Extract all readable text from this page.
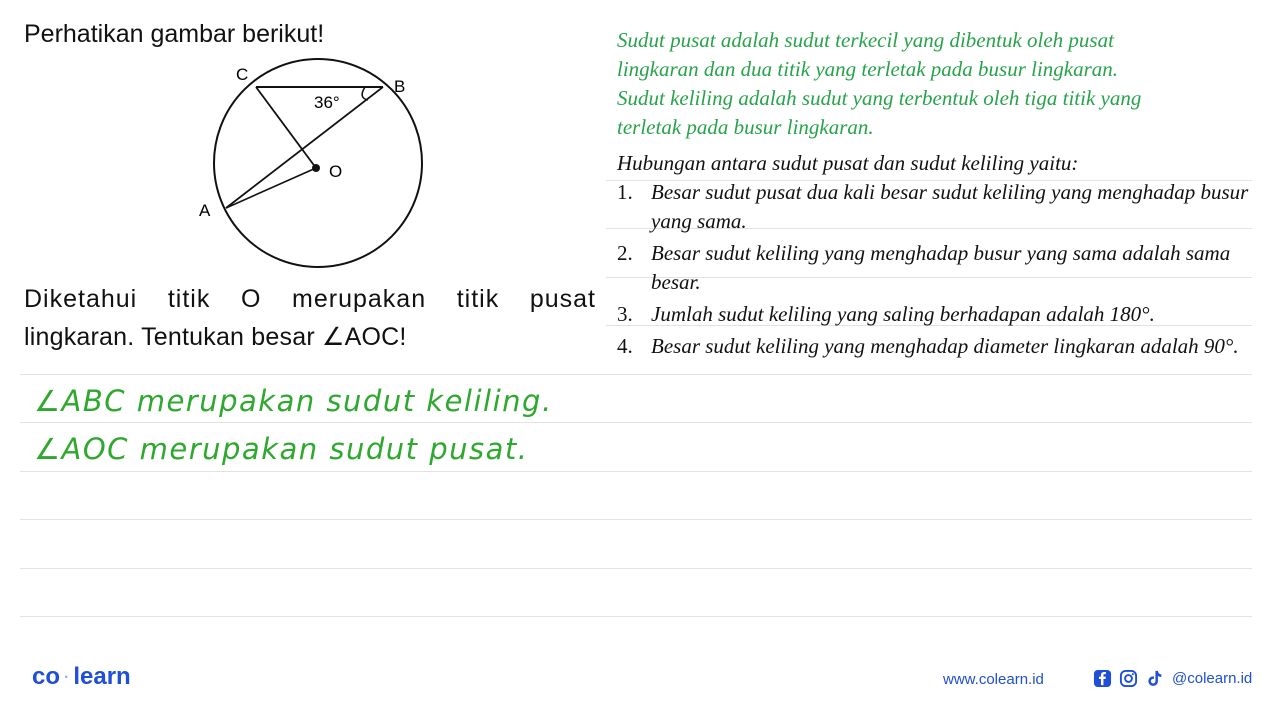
Perhatikan gambar berikut!
C
B
A
O
36°
Diketahui titik O merupakan titik pusat
lingkaran. Tentukan besar ∠AOC!
∠ABC merupakan sudut keliling.
∠AOC merupakan sudut pusat.
Sudut pusat adalah sudut terkecil yang dibentuk oleh pusat
lingkaran dan dua titik yang terletak pada busur lingkaran.
Sudut keliling adalah sudut yang terbentuk oleh tiga titik yang
terletak pada busur lingkaran.
Hubungan antara sudut pusat dan sudut keliling yaitu:
1. Besar sudut pusat dua kali besar sudut keliling yang menghadap busur yang sama.
2. Besar sudut keliling yang menghadap busur yang sama adalah sama besar.
3. Jumlah sudut keliling yang saling berhadapan adalah 180°.
4. Besar sudut keliling yang menghadap diameter lingkaran adalah 90°.
co · learn	www.colearn.id	@colearn.id
